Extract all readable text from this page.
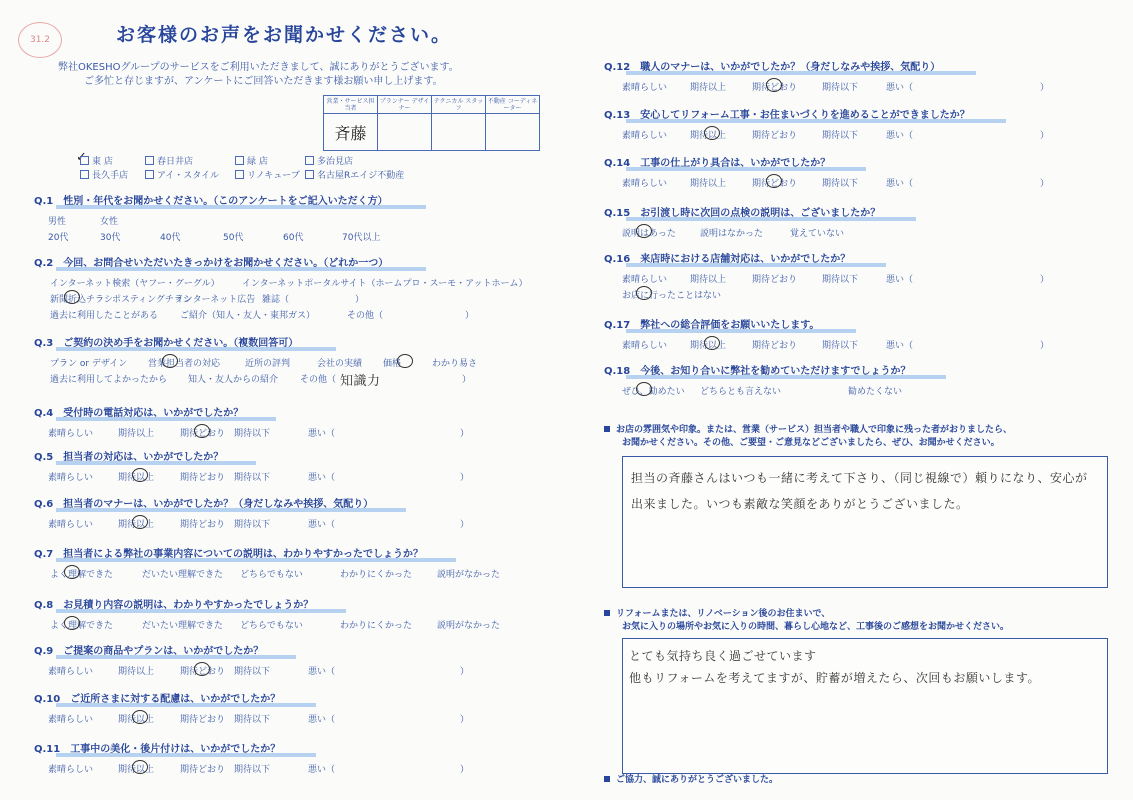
31.2	お客様のお声をお聞かせください。
弊社OKESHOグループのサービスをご利用いただきまして、誠にありがとうございます。
ご多忙と存じますが、アンケートにご回答いただきます様お願い申し上げます。
営業・サービス担当者	プランナー デザイナー	テクニカル スタッフ	不動産 コーディネーター
斉藤			
✓ 東 店	春日井店	緑 店	多治見店
長久手店	アイ・スタイル	リノキューブ	名古屋Rエイジ不動産
Q.1　性別・年代をお聞かせください。（このアンケートをご記入いただく方）
男性	女性
20代	30代	40代	50代	60代	70代以上
Q.2　今回、お問合せいただいたきっかけをお聞かせください。（どれか一つ）
インターネット検索（ヤフー・グーグル） インターネットポータルサイト（ホームプロ・スーモ・アットホーム）
新聞折込チラシ
ポスティングチラシ
インターネット広告 雑誌（	）
過去に利用したことがある ご紹介（知人・友人・東邦ガス）	その他（	）
Q.3　ご契約の決め手をお聞かせください。（複数回答可）
プラン or デザイン 営業担当者の対応	近所の評判	会社の実績 価格	わかり易さ
過去に利用してよかったから 知人・友人からの紹介 その他（	）
Q.4　受付時の電話対応は、いかがでしたか？
素晴らしい	期待以上	期待どおり 期待以下	悪い（	）
Q.5　担当者の対応は、いかがでしたか？
素晴らしい	期待以上	期待どおり 期待以下	悪い（	）
Q.6　担当者のマナーは、いかがでしたか？（身だしなみや挨拶、気配り）
素晴らしい	期待以上	期待どおり 期待以下	悪い（	）
Q.7　担当者による弊社の事業内容についての説明は、わかりやすかったでしょうか？
よく理解できた	だいたい理解できた どちらでもない	わかりにくかった	説明がなかった
Q.8　お見積り内容の説明は、わかりやすかったでしょうか？
よく理解できた	だいたい理解できた どちらでもない	わかりにくかった	説明がなかった
Q.9　ご提案の商品やプランは、いかがでしたか？
素晴らしい	期待以上	期待どおり 期待以下	悪い（	）
Q.10　ご近所さまに対する配慮は、いかがでしたか？
素晴らしい	期待以上	期待どおり 期待以下	悪い（	）
Q.11　工事中の美化・後片付けは、いかがでしたか？
素晴らしい	期待以上	期待どおり 期待以下	悪い（	）
Q.12　職人のマナーは、いかがでしたか？（身だしなみや挨拶、気配り）
素晴らしい	期待以上	期待どおり	期待以下	悪い（	）
Q.13　安心してリフォーム工事・お住まいづくりを進めることができましたか？
素晴らしい	期待以上	期待どおり	期待以下	悪い（	）
Q.14　工事の仕上がり具合は、いかがでしたか？
素晴らしい	期待以上	期待どおり	期待以下	悪い（	）
Q.15　お引渡し時に次回の点検の説明は、ございましたか？
説明はあった	説明はなかった	覚えていない
Q.16　来店時における店舗対応は、いかがでしたか？
素晴らしい	期待以上	期待どおり	期待以下	悪い（	）
お店に行ったことはない
Q.17　弊社への総合評価をお願いいたします。
素晴らしい	期待以上	期待どおり	期待以下	悪い（	）
Q.18　今後、お知り合いに弊社を勧めていただけますでしょうか？
ぜひ、勧めたい どちらとも言えない	勧めたくない
知識力
お店の雰囲気や印象。または、営業（サービス）担当者や職人で印象に残った者がおりましたら、
お聞かせください。その他、ご要望・ご意見などございましたら、ぜひ、お聞かせください。
担当の斉藤さんはいつも一緒に考えて下さり、（同じ視線で）頼りになり、安心が
出来ました。いつも素敵な笑顔をありがとうございました。
リフォームまたは、リノベーション後のお住まいで、
お気に入りの場所やお気に入りの時間、暮らし心地など、工事後のご感想をお聞かせください。
とても気持ち良く過ごせています
他もリフォームを考えてますが、貯蓄が増えたら、次回もお願いします。
ご協力、誠にありがとうございました。
